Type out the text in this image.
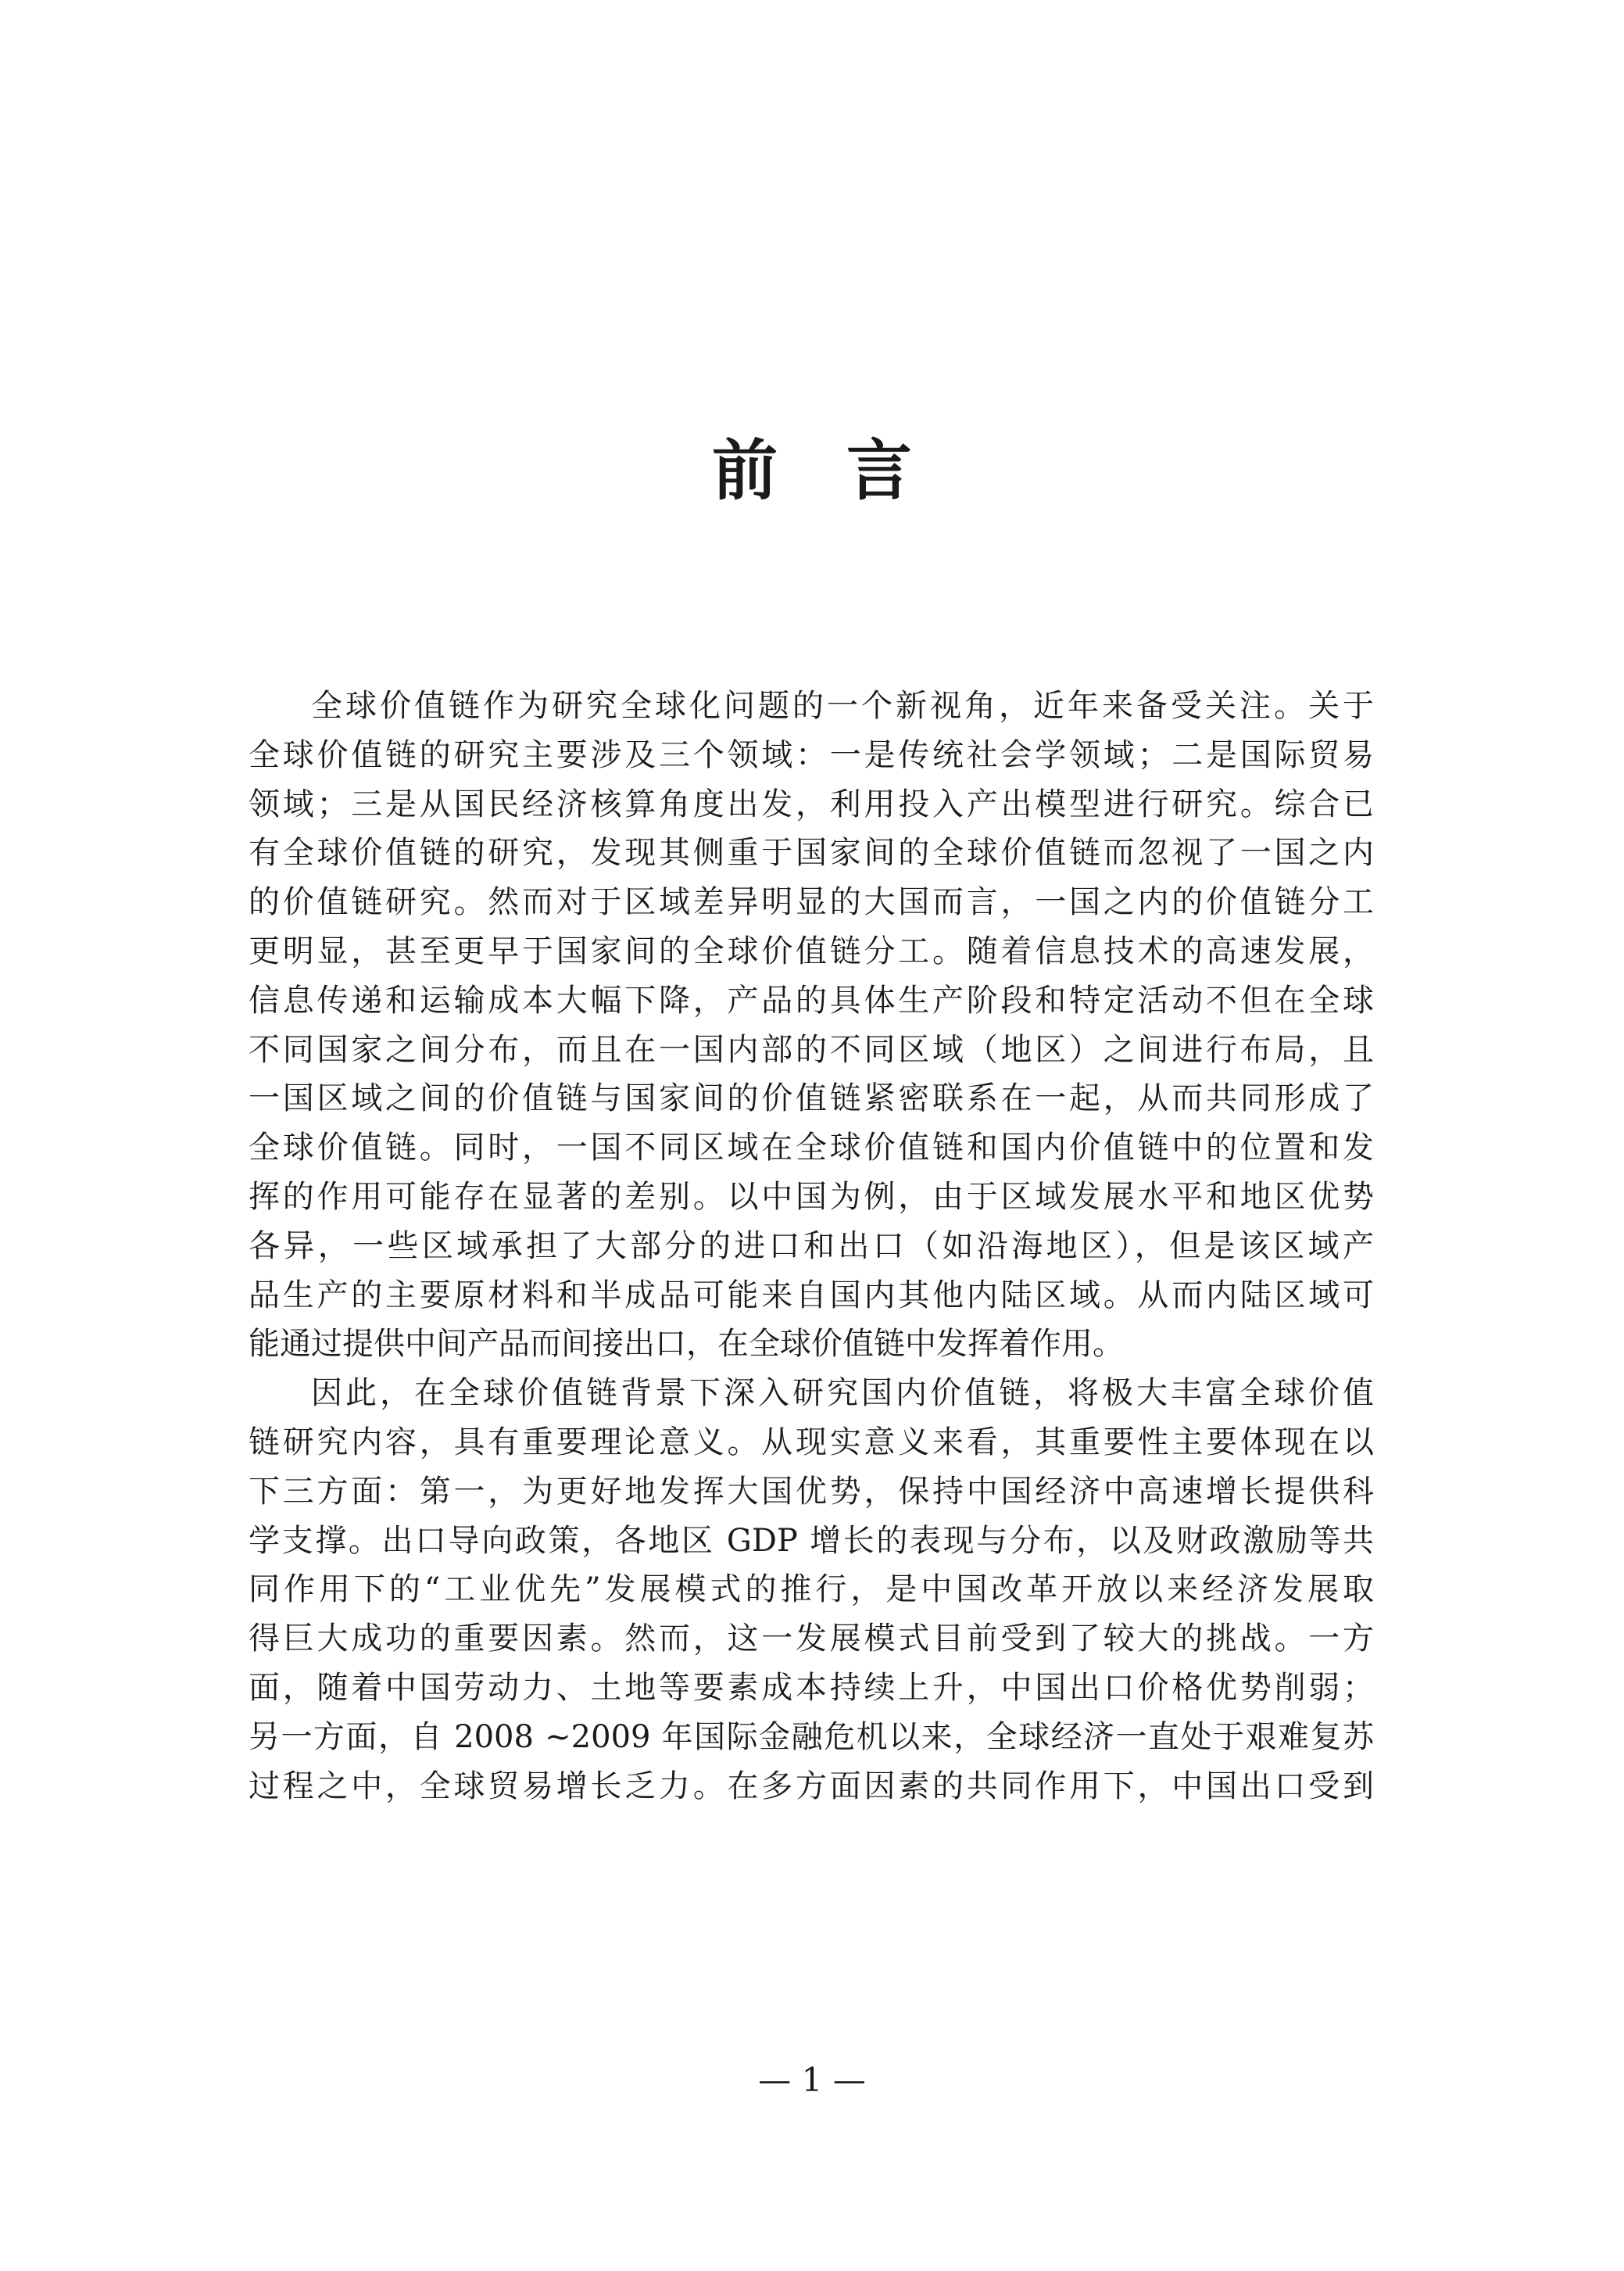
前 言
全球价值链作为研究全球化问题的一个新视角，近年来备受关注。关于
全球价值链的研究主要涉及三个领域：一是传统社会学领域；二是国际贸易
领域；三是从国民经济核算角度出发，利用投入产出模型进行研究。综合已
有全球价值链的研究，发现其侧重于国家间的全球价值链而忽视了一国之内
的价值链研究。然而对于区域差异明显的大国而言，一国之内的价值链分工
更明显，甚至更早于国家间的全球价值链分工。随着信息技术的高速发展，
信息传递和运输成本大幅下降，产品的具体生产阶段和特定活动不但在全球
不同国家之间分布，而且在一国内部的不同区域（地区）之间进行布局，且
一国区域之间的价值链与国家间的价值链紧密联系在一起，从而共同形成了
全球价值链。同时，一国不同区域在全球价值链和国内价值链中的位置和发
挥的作用可能存在显著的差别。以中国为例，由于区域发展水平和地区优势
各异，一些区域承担了大部分的进口和出口（如沿海地区），但是该区域产
品生产的主要原材料和半成品可能来自国内其他内陆区域。从而内陆区域可
能通过提供中间产品而间接出口，在全球价值链中发挥着作用。
因此，在全球价值链背景下深入研究国内价值链，将极大丰富全球价值
链研究内容，具有重要理论意义。从现实意义来看，其重要性主要体现在以
下三方面：第一，为更好地发挥大国优势，保持中国经济中高速增长提供科
学支撑。出口导向政策，各地区 GDP 增长的表现与分布，以及财政激励等共
同作用下的“工业优先”发展模式的推行，是中国改革开放以来经济发展取
得巨大成功的重要因素。然而，这一发展模式目前受到了较大的挑战。一方
面，随着中国劳动力、土地等要素成本持续上升，中国出口价格优势削弱；
另一方面，自 2008 ~2009 年国际金融危机以来，全球经济一直处于艰难复苏
过程之中，全球贸易增长乏力。在多方面因素的共同作用下，中国出口受到
— 1 —
